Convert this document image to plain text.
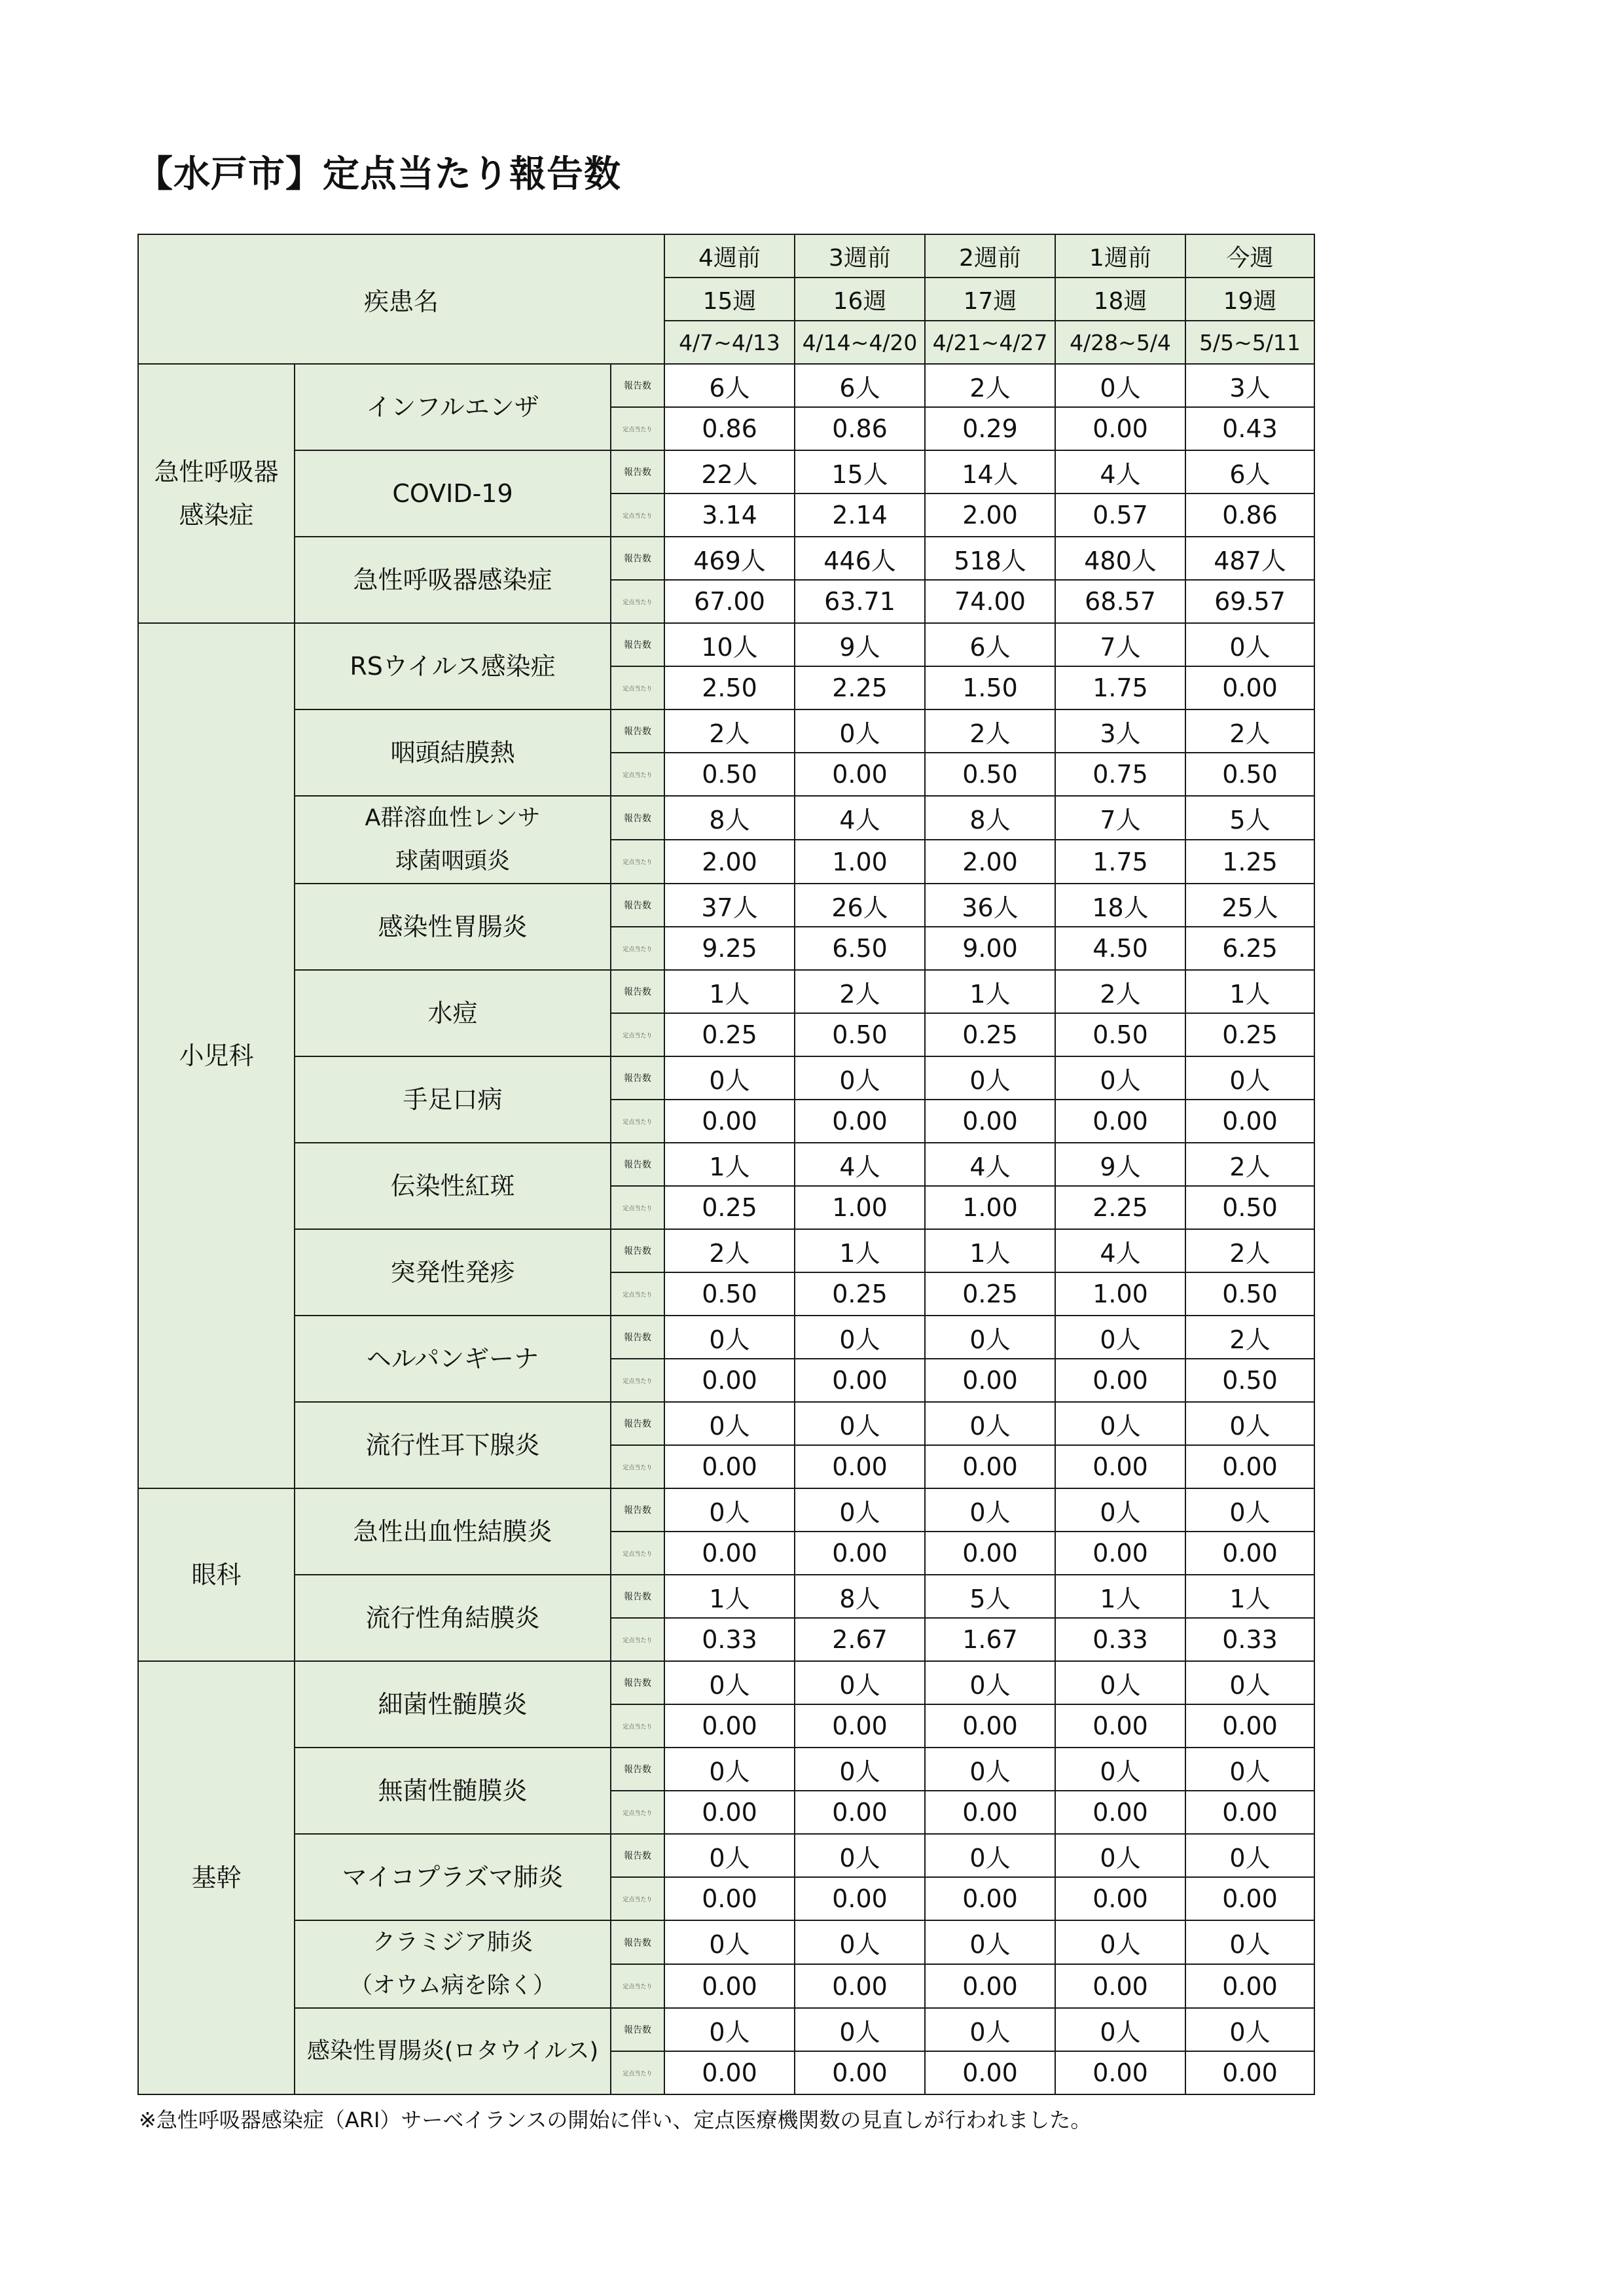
【水戸市】定点当たり報告数
疾患名			4週前	3週前	2週前	1週前	今週
			15週	16週	17週	18週	19週
			4/7~4/13	4/14~4/20	4/21~4/27	4/28~5/4	5/5~5/11
急性呼吸器
感染症	インフルエンザ	報告数	6人	6人	2人	0人	3人
		定点当たり	0.86	0.86	0.29	0.00	0.43
	COVID-19	報告数	22人	15人	14人	4人	6人
		定点当たり	3.14	2.14	2.00	0.57	0.86
	急性呼吸器感染症	報告数	469人	446人	518人	480人	487人
		定点当たり	67.00	63.71	74.00	68.57	69.57
小児科	RSウイルス感染症	報告数	10人	9人	6人	7人	0人
		定点当たり	2.50	2.25	1.50	1.75	0.00
	咽頭結膜熱	報告数	2人	0人	2人	3人	2人
		定点当たり	0.50	0.00	0.50	0.75	0.50
	A群溶血性レンサ
球菌咽頭炎	報告数	8人	4人	8人	7人	5人
		定点当たり	2.00	1.00	2.00	1.75	1.25
	感染性胃腸炎	報告数	37人	26人	36人	18人	25人
		定点当たり	9.25	6.50	9.00	4.50	6.25
	水痘	報告数	1人	2人	1人	2人	1人
		定点当たり	0.25	0.50	0.25	0.50	0.25
	手足口病	報告数	0人	0人	0人	0人	0人
		定点当たり	0.00	0.00	0.00	0.00	0.00
	伝染性紅斑	報告数	1人	4人	4人	9人	2人
		定点当たり	0.25	1.00	1.00	2.25	0.50
	突発性発疹	報告数	2人	1人	1人	4人	2人
		定点当たり	0.50	0.25	0.25	1.00	0.50
	ヘルパンギーナ	報告数	0人	0人	0人	0人	2人
		定点当たり	0.00	0.00	0.00	0.00	0.50
	流行性耳下腺炎	報告数	0人	0人	0人	0人	0人
		定点当たり	0.00	0.00	0.00	0.00	0.00
眼科	急性出血性結膜炎	報告数	0人	0人	0人	0人	0人
		定点当たり	0.00	0.00	0.00	0.00	0.00
	流行性角結膜炎	報告数	1人	8人	5人	1人	1人
		定点当たり	0.33	2.67	1.67	0.33	0.33
基幹	細菌性髄膜炎	報告数	0人	0人	0人	0人	0人
		定点当たり	0.00	0.00	0.00	0.00	0.00
	無菌性髄膜炎	報告数	0人	0人	0人	0人	0人
		定点当たり	0.00	0.00	0.00	0.00	0.00
	マイコプラズマ肺炎	報告数	0人	0人	0人	0人	0人
		定点当たり	0.00	0.00	0.00	0.00	0.00
	クラミジア肺炎
（オウム病を除く）	報告数	0人	0人	0人	0人	0人
		定点当たり	0.00	0.00	0.00	0.00	0.00
	感染性胃腸炎(ロタウイルス)	報告数	0人	0人	0人	0人	0人
		定点当たり	0.00	0.00	0.00	0.00	0.00
※急性呼吸器感染症（ARI）サーベイランスの開始に伴い、定点医療機関数の見直しが行われました。
